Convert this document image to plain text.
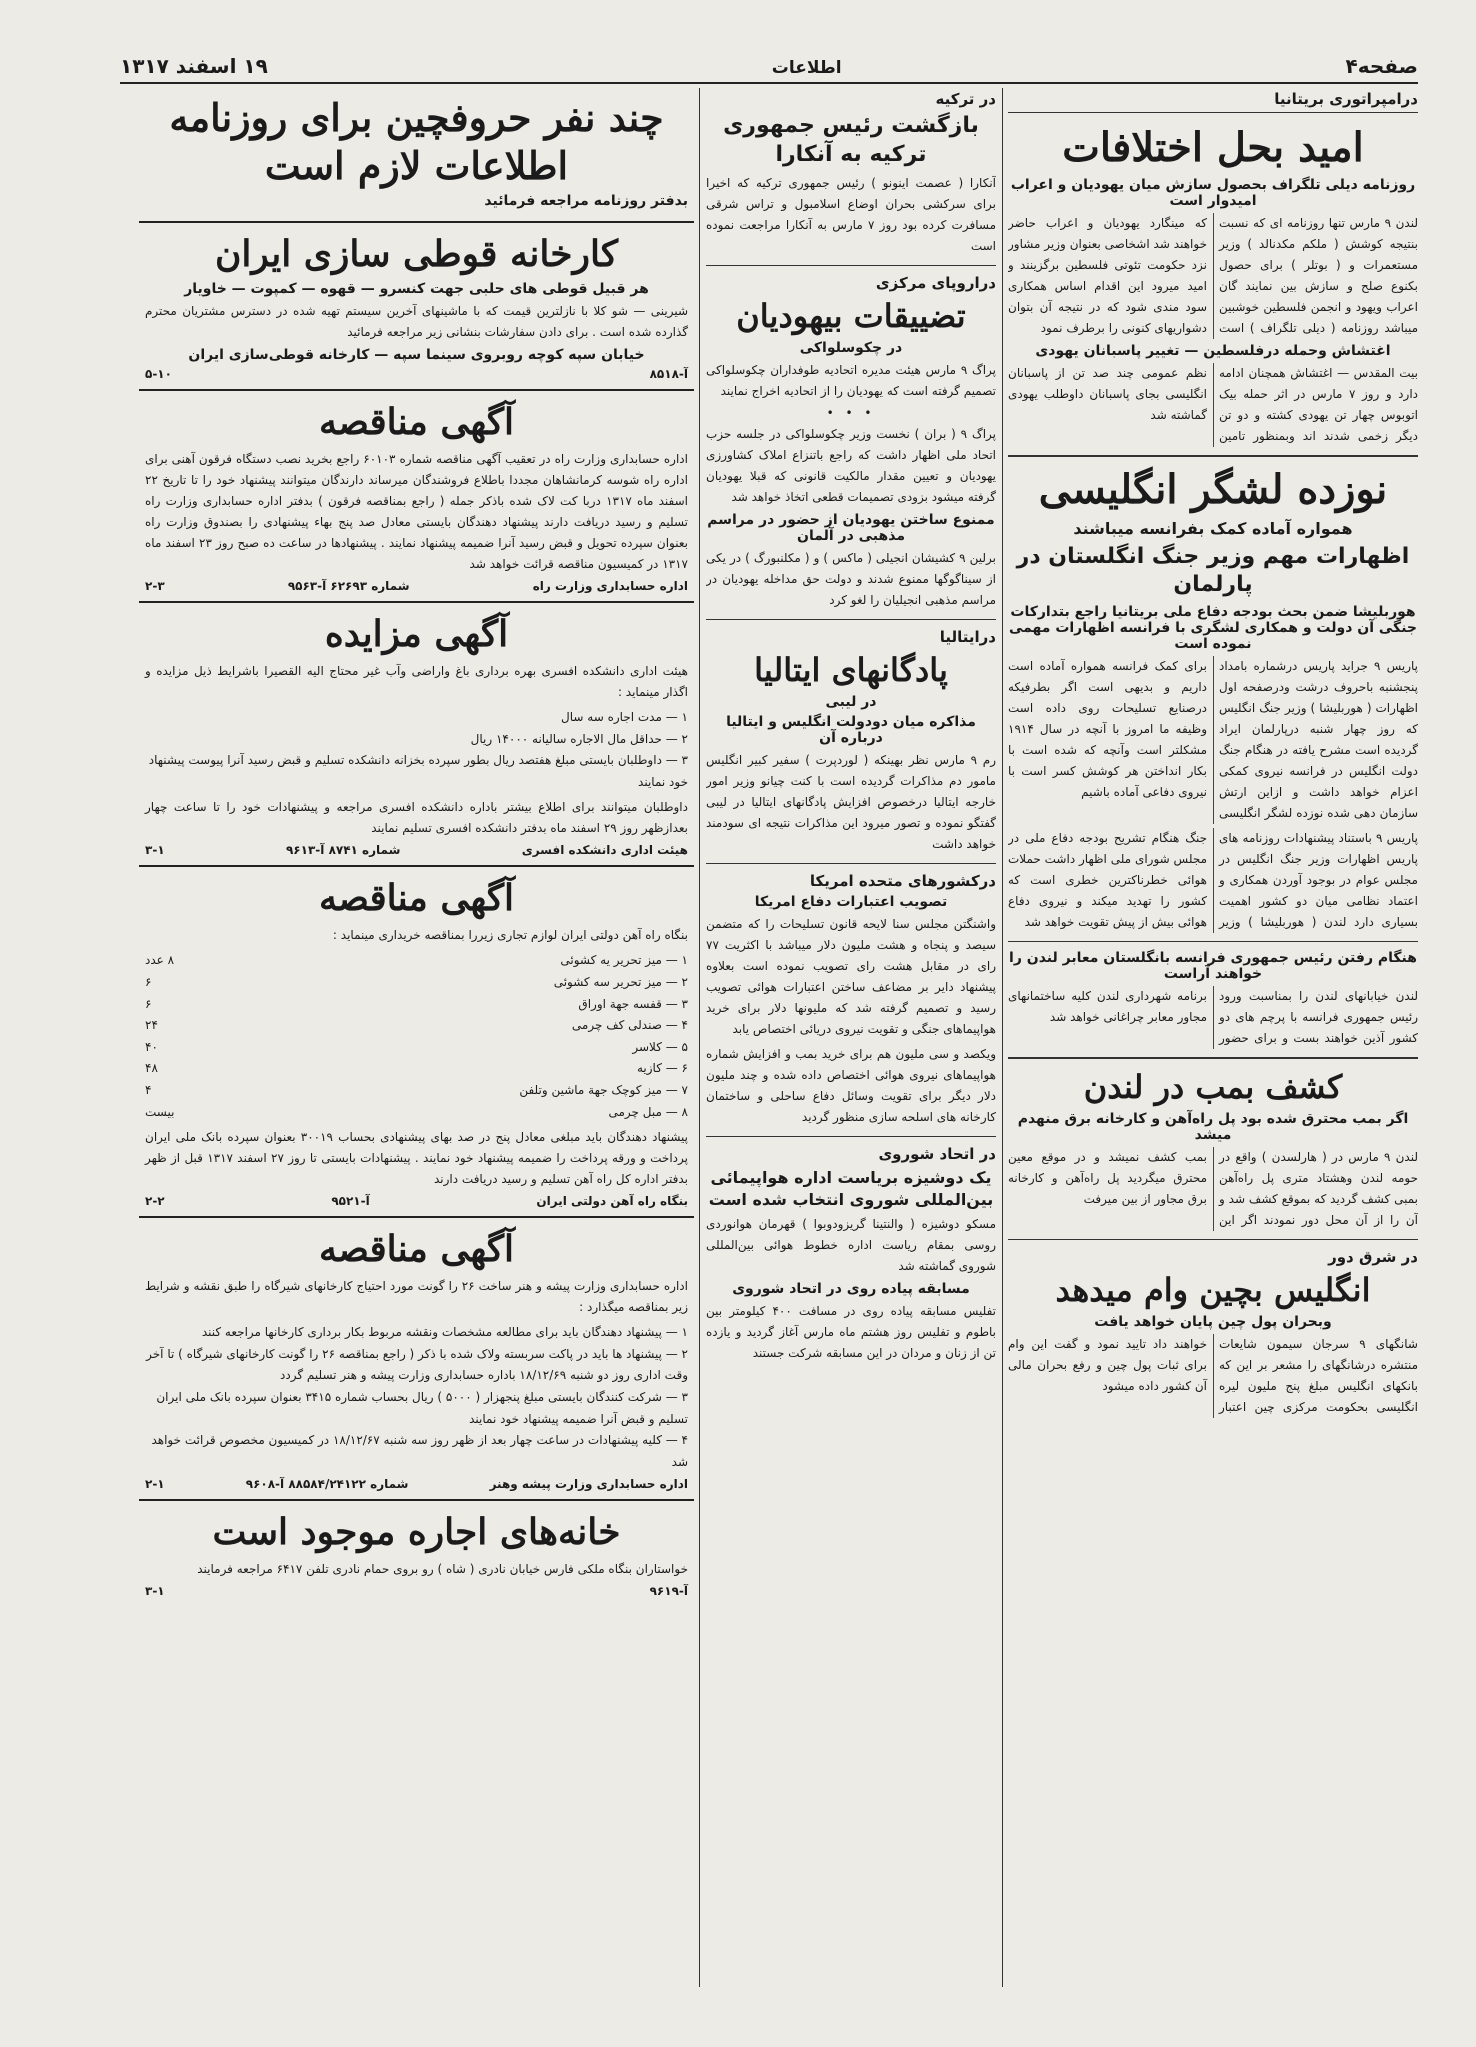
صفحه۴
اطلاعات
۱۹ اسفند ۱۳۱۷
درامپراتوری بریتانیا
امید بحل اختلافات
روزنامه دیلی تلگراف بحصول سازش میان یهودیان و اعراب امیدوار است
لندن ۹ مارس تنها روزنامه ای که نسبت بنتیجه کوشش ( ملکم مکدنالد ) وزیر مستعمرات و ( بوتلر ) برای حصول بکنوع صلح و سازش بین نمایند گان اعراب ویهود و انجمن فلسطین خوشبین میباشد روزنامه ( دیلی تلگراف ) است که مینگارد یهودیان و اعراب حاضر خواهند شد اشخاصی بعنوان وزیر مشاور نزد حکومت تئوتی فلسطین برگزینند و امید میرود این اقدام اساس همکاری سود مندی شود که در نتیجه آن بتوان دشواریهای کنونی را برطرف نمود
اغتشاش وحمله درفلسطین — تغییر پاسبانان یهودی
بیت المقدس — اغتشاش همچنان ادامه دارد و روز ۷ مارس در اثر حمله بیک اتوبوس چهار تن یهودی کشته و دو تن دیگر زخمی شدند اند وبمنظور تامین نظم عمومی چند صد تن از پاسبانان انگلیسی بجای پاسبانان داوطلب یهودی گماشته شد
نوزده لشگر انگلیسی
همواره آماده کمک بفرانسه میباشند
اظهارات مهم وزیر جنگ انگلستان در پارلمان
هوربلیشا ضمن بحث بودجه دفاع ملی بریتانیا راجع بتدارکات جنگی آن دولت و همکاری لشگری با فرانسه اظهارات مهمی نموده است
پاریس ۹ جراید پاریس درشماره بامداد پنجشنبه باحروف درشت ودرصفحه اول اظهارات ( هوربلیشا ) وزیر جنگ انگلیس که روز چهار شنبه درپارلمان ایراد گردیده است مشرح یافته در هنگام جنگ دولت انگلیس در فرانسه نیروی کمکی اعزام خواهد داشت و ازاین ارتش سازمان دهی شده نوزده لشگر انگلیسی برای کمک فرانسه همواره آماده است داریم و بدیهی است اگر بطرفیکه درصنایع تسلیحات روی داده است وظیفه ما امروز با آنچه در سال ۱۹۱۴ مشکلتر است وآنچه که شده است با بکار انداختن هر کوشش کسر است با نیروی دفاعی آماده باشیم
پاریس ۹ باستناد پیشنهادات روزنامه های پاریس اظهارات وزیر جنگ انگلیس در مجلس عوام در بوجود آوردن همکاری و اعتماد نظامی میان دو کشور اهمیت بسیاری دارد لندن ( هوربلیشا ) وزیر جنگ هنگام تشریح بودجه دفاع ملی در مجلس شورای ملی اظهار داشت حملات هوائی خطرناکترین خطری است که کشور را تهدید میکند و نیروی دفاع هوائی بیش از پیش تقویت خواهد شد
هنگام رفتن رئیس جمهوری فرانسه بانگلستان معابر لندن را خواهند آراست
لندن خیابانهای لندن را بمناسبت ورود رئیس جمهوری فرانسه با پرچم های دو کشور آذین خواهند بست و برای حضور برنامه شهرداری لندن کلیه ساختمانهای مجاور معابر چراغانی خواهد شد
کشف بمب در لندن
اگر بمب محترق شده بود پل راه‌آهن و کارخانه برق منهدم میشد
لندن ۹ مارس در ( هارلسدن ) واقع در حومه لندن وهشتاد متری پل راه‌آهن بمبی کشف گردید که بموقع کشف شد و آن را از آن محل دور نمودند اگر این بمب کشف نمیشد و در موقع معین محترق میگردید پل راه‌آهن و کارخانه برق مجاور از بین میرفت
در شرق دور
انگلیس بچین وام میدهد
وبحران پول چین پایان خواهد یافت
شانگهای ۹ سرجان سیمون شایعات منتشره درشانگهای را مشعر بر این که بانکهای انگلیس مبلغ پنج ملیون لیره انگلیسی بحکومت مرکزی چین اعتبار خواهند داد تایید نمود و گفت این وام برای ثبات پول چین و رفع بحران مالی آن کشور داده میشود
در ترکیه
بازگشت رئیس جمهوری ترکیه به آنکارا
آنکارا ( عصمت اینونو ) رئیس جمهوری ترکیه که اخیرا برای سرکشی بحران اوضاع اسلامبول و تراس شرقی مسافرت کرده بود روز ۷ مارس به آنکارا مراجعت نموده است
دراروپای مرکزی
تضییقات بیهودیان
در چکوسلواکی
پراگ ۹ مارس هیئت مدیره اتحادیه طوفداران چکوسلواکی تصمیم گرفته است که یهودیان را از اتحادیه اخراج نمایند
• • •
پراگ ۹ ( بران ) نخست وزیر چکوسلواکی در جلسه حزب اتحاد ملی اظهار داشت که راجع باتنزاع املاک کشاورزی یهودیان و تعیین مقدار مالکیت قانونی که قبلا یهودیان گرفته میشود بزودی تصمیمات قطعی اتخاذ خواهد شد
ممنوع ساختن یهودیان از حضور در مراسم مذهبی در آلمان
برلین ۹ کشیشان انجیلی ( ماکس ) و ( مکلنبورگ ) در یکی از سیناگوگها ممنوع شدند و دولت حق مداخله یهودیان در مراسم مذهبی انجیلیان را لغو کرد
درایتالیا
پادگانهای ایتالیا
در لیبی
مذاکره میان دودولت انگلیس و ایتالیا درباره آن
رم ۹ مارس نظر بهینکه ( لوردپرت ) سفیر کبیر انگلیس مامور دم مذاکرات گردیده است با کنت چیانو وزیر امور خارجه ایتالیا درخصوص افزایش پادگانهای ایتالیا در لیبی گفتگو نموده و تصور میرود این مذاکرات نتیجه ای سودمند خواهد داشت
درکشورهای متحده امریکا
تصویب اعتبارات دفاع امریکا
واشنگتن مجلس سنا لایحه قانون تسلیحات را که متضمن سیصد و پنجاه و هشت ملیون دلار میباشد با اکثریت ۷۷ رای در مقابل هشت رای تصویب نموده است بعلاوه پیشنهاد دایر بر مضاعف ساختن اعتبارات هوائی تصویب رسید و تصمیم گرفته شد که ملیونها دلار برای خرید هواپیماهای جنگی و تقویت نیروی دریائی اختصاص یابد
ویکصد و سی ملیون هم برای خرید بمب و افزایش شماره هواپیماهای نیروی هوائی اختصاص داده شده و چند ملیون دلار دیگر برای تقویت وسائل دفاع ساحلی و ساختمان کارخانه های اسلحه سازی منظور گردید
در اتحاد شوروی
یک دوشیزه بریاست اداره هواپیمائی بین‌المللی شوروی انتخاب شده است
مسکو دوشیزه ( والنتینا گریزودوبوا ) قهرمان هوانوردی روسی بمقام ریاست اداره خطوط هوائی بین‌المللی شوروی گماشته شد
مسابقه پیاده روی در اتحاد شوروی
تفلیس مسابقه پیاده روی در مسافت ۴۰۰ کیلومتر بین باطوم و تفلیس روز هشتم ماه مارس آغاز گردید و یازده تن از زنان و مردان در این مسابقه شرکت جستند
چند نفر حروفچین برای روزنامه اطلاعات لازم است
بدفتر روزنامه مراجعه فرمائید
کارخانه قوطی سازی ایران
هر قبیل قوطی های حلبی جهت کنسرو — قهوه — کمپوت — خاویار
شیرینی — شو کلا با نازلترین قیمت که با ماشینهای آخرین سیستم تهیه شده در دسترس مشتریان محترم گذارده شده است . برای دادن سفارشات بنشانی زیر مراجعه فرمائید
خیابان سپه کوچه روبروی سینما سپه — کارخانه قوطی‌سازی ایران
آ-۸۵۱۸
۵-۱۰
آگهی مناقصه
اداره حسابداری وزارت راه در تعقیب آگهی مناقصه شماره ۶۰۱۰۳ راجع بخرید نصب دستگاه فرقون آهنی برای اداره راه شوسه کرمانشاهان مجددا باطلاع فروشندگان میرساند دارندگان میتوانند پیشنهاد خود را تا تاریخ ۲۲ اسفند ماه ۱۳۱۷ دربا کت لاک شده باذکر جمله ( راجع بمناقصه فرقون ) بدفتر اداره حسابداری وزارت راه تسلیم و رسید دریافت دارند پیشنهاد دهندگان بایستی معادل صد پنج بهاء پیشنهادی را بصندوق وزارت راه بعنوان سپرده تحویل و قبض رسید آنرا ضمیمه پیشنهاد نمایند . پیشنهادها در ساعت ده صبح روز ۲۳ اسفند ماه ۱۳۱۷ در کمیسیون مناقصه قرائت خواهد شد
اداره حسابداری وزارت راه
شماره ۶۲۶۹۳ آ-۹۵۶۳
۲-۳
آگهی مزایده
هیئت اداری دانشکده افسری بهره برداری باغ واراضی وآب غیر محتاج الیه القصیرا باشرایط ذیل مزایده و اگذار مینماید :
۱ — مدت اجاره سه سال
۲ — حداقل مال الاجاره سالیانه ۱۴۰۰۰ ریال
۳ — داوطلبان بایستی مبلغ هفتصد ریال بطور سپرده بخزانه دانشکده تسلیم و قبض رسید آنرا پیوست پیشنهاد خود نمایند
داوطلبان میتوانند برای اطلاع بیشتر باداره دانشکده افسری مراجعه و پیشنهادات خود را تا ساعت چهار بعدازظهر روز ۲۹ اسفند ماه بدفتر دانشکده افسری تسلیم نمایند
هیئت اداری دانشکده افسری
شماره ۸۷۴۱ آ-۹۶۱۳
۳-۱
آگهی مناقصه
بنگاه راه آهن دولتی ایران لوازم تجاری زیررا بمناقصه خریداری مینماید :
۱ — میز تحریر یه کشوئی
۸ عدد
۲ — میز تحریر سه کشوئی
۶
۳ — قفسه جهة اوراق
۶
۴ — صندلی کف چرمی
۲۴
۵ — کلاسر
۴۰
۶ — کازیه
۴۸
۷ — میز کوچک جهة ماشین وتلفن
۴
۸ — مبل چرمی
بیست
پیشنهاد دهندگان باید مبلغی معادل پنج در صد بهای پیشنهادی بحساب ۳۰۰۱۹ بعنوان سپرده بانک ملی ایران پرداخت و ورقه پرداخت را ضمیمه پیشنهاد خود نمایند . پیشنهادات بایستی تا روز ۲۷ اسفند ۱۳۱۷ قبل از ظهر بدفتر اداره کل راه آهن تسلیم و رسید دریافت دارند
بنگاه راه آهن دولتی ایران
آ-۹۵۲۱
۲-۲
آگهی مناقصه
اداره حسابداری وزارت پیشه و هنر ساخت ۲۶ را گونت مورد احتیاج کارخانهای شیرگاه را طبق نقشه و شرایط زیر بمناقصه میگذارد :
۱ — پیشنهاد دهندگان باید برای مطالعه مشخصات ونقشه مربوط بکار برداری کارخانها مراجعه کنند
۲ — پیشنهاد ها باید در پاکت سربسته ولاک شده با ذکر ( راجع بمناقصه ۲۶ را گونت کارخانهای شیرگاه ) تا آخر وقت اداری روز دو شنبه ۱۸/۱۲/۶۹ باداره حسابداری وزارت پیشه و هنر تسلیم گردد
۳ — شرکت کنندگان بایستی مبلغ پنجهزار ( ۵۰۰۰ ) ریال بحساب شماره ۳۴۱۵ بعنوان سپرده بانک ملی ایران تسلیم و قبض آنرا ضمیمه پیشنهاد خود نمایند
۴ — کلیه پیشنهادات در ساعت چهار بعد از ظهر روز سه شنبه ۱۸/۱۲/۶۷ در کمیسیون مخصوص قرائت خواهد شد
اداره حسابداری وزارت پیشه وهنر
شماره ۸۸۵۸۴/۲۴۱۲۲ آ-۹۶۰۸
۲-۱
خانه‌های اجاره موجود است
خواستاران بنگاه ملکی فارس خیابان نادری ( شاه ) رو بروی حمام نادری تلفن ۶۴۱۷ مراجعه فرمایند
آ-۹۶۱۹
۳-۱
